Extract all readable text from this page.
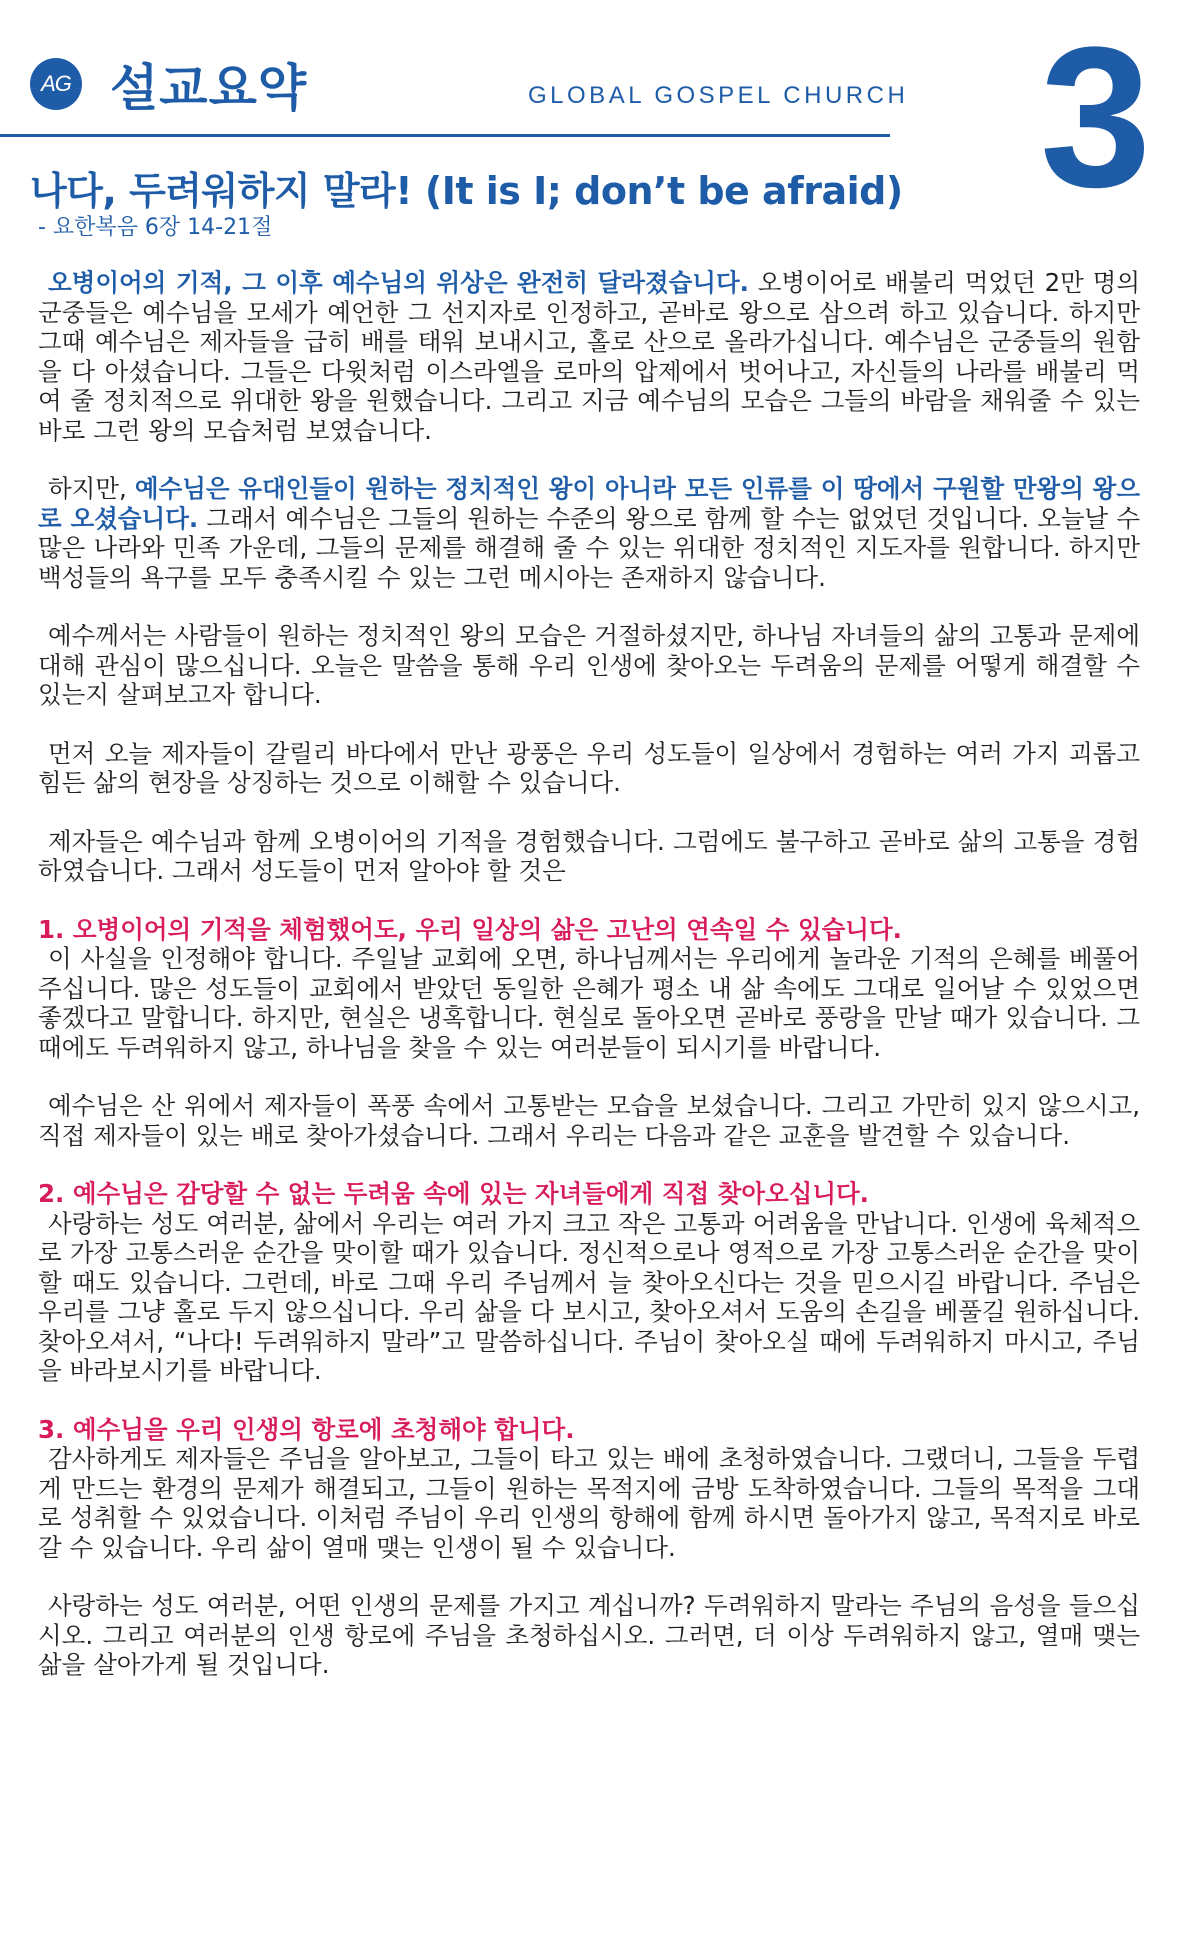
AG 설교요약	GLOBAL GOSPEL CHURCH 3
나다, 두려워하지 말라! (It is I; don’t be afraid)
- 요한복음 6장 14-21절

오병이어의 기적, 그 이후 예수님의 위상은 완전히 달라졌습니다. 오병이어로 배불리 먹었던 2만 명의 군중들은 예수님을 모세가 예언한 그 선지자로 인정하고, 곧바로 왕으로 삼으려 하고 있습니다. 하지만 그때 예수님은 제자들을 급히 배를 태워 보내시고, 홀로 산으로 올라가십니다. 예수님은 군중들의 원함을 다 아셨습니다. 그들은 다윗처럼 이스라엘을 로마의 압제에서 벗어나고, 자신들의 나라를 배불리 먹여 줄 정치적으로 위대한 왕을 원했습니다. 그리고 지금 예수님의 모습은 그들의 바람을 채워줄 수 있는 바로 그런 왕의 모습처럼 보였습니다.

하지만, 예수님은 유대인들이 원하는 정치적인 왕이 아니라 모든 인류를 이 땅에서 구원할 만왕의 왕으로 오셨습니다. 그래서 예수님은 그들의 원하는 수준의 왕으로 함께 할 수는 없었던 것입니다. 오늘날 수많은 나라와 민족 가운데, 그들의 문제를 해결해 줄 수 있는 위대한 정치적인 지도자를 원합니다. 하지만 백성들의 욕구를 모두 충족시킬 수 있는 그런 메시아는 존재하지 않습니다.

예수께서는 사람들이 원하는 정치적인 왕의 모습은 거절하셨지만, 하나님 자녀들의 삶의 고통과 문제에 대해 관심이 많으십니다. 오늘은 말씀을 통해 우리 인생에 찾아오는 두려움의 문제를 어떻게 해결할 수 있는지 살펴보고자 합니다.

먼저 오늘 제자들이 갈릴리 바다에서 만난 광풍은 우리 성도들이 일상에서 경험하는 여러 가지 괴롭고 힘든 삶의 현장을 상징하는 것으로 이해할 수 있습니다.

제자들은 예수님과 함께 오병이어의 기적을 경험했습니다. 그럼에도 불구하고 곧바로 삶의 고통을 경험하였습니다. 그래서 성도들이 먼저 알아야 할 것은

1. 오병이어의 기적을 체험했어도, 우리 일상의 삶은 고난의 연속일 수 있습니다.
이 사실을 인정해야 합니다. 주일날 교회에 오면, 하나님께서는 우리에게 놀라운 기적의 은혜를 베풀어 주십니다. 많은 성도들이 교회에서 받았던 동일한 은혜가 평소 내 삶 속에도 그대로 일어날 수 있었으면 좋겠다고 말합니다. 하지만, 현실은 냉혹합니다. 현실로 돌아오면 곧바로 풍랑을 만날 때가 있습니다. 그때에도 두려워하지 않고, 하나님을 찾을 수 있는 여러분들이 되시기를 바랍니다.

예수님은 산 위에서 제자들이 폭풍 속에서 고통받는 모습을 보셨습니다. 그리고 가만히 있지 않으시고, 직접 제자들이 있는 배로 찾아가셨습니다. 그래서 우리는 다음과 같은 교훈을 발견할 수 있습니다.

2. 예수님은 감당할 수 없는 두려움 속에 있는 자녀들에게 직접 찾아오십니다.
사랑하는 성도 여러분, 삶에서 우리는 여러 가지 크고 작은 고통과 어려움을 만납니다. 인생에 육체적으로 가장 고통스러운 순간을 맞이할 때가 있습니다. 정신적으로나 영적으로 가장 고통스러운 순간을 맞이할 때도 있습니다. 그런데, 바로 그때 우리 주님께서 늘 찾아오신다는 것을 믿으시길 바랍니다. 주님은 우리를 그냥 홀로 두지 않으십니다. 우리 삶을 다 보시고, 찾아오셔서 도움의 손길을 베풀길 원하십니다. 찾아오셔서, “나다! 두려워하지 말라”고 말씀하십니다. 주님이 찾아오실 때에 두려워하지 마시고, 주님을 바라보시기를 바랍니다.

3. 예수님을 우리 인생의 항로에 초청해야 합니다.
감사하게도 제자들은 주님을 알아보고, 그들이 타고 있는 배에 초청하였습니다. 그랬더니, 그들을 두렵게 만드는 환경의 문제가 해결되고, 그들이 원하는 목적지에 금방 도착하였습니다. 그들의 목적을 그대로 성취할 수 있었습니다. 이처럼 주님이 우리 인생의 항해에 함께 하시면 돌아가지 않고, 목적지로 바로 갈 수 있습니다. 우리 삶이 열매 맺는 인생이 될 수 있습니다.

사랑하는 성도 여러분, 어떤 인생의 문제를 가지고 계십니까? 두려워하지 말라는 주님의 음성을 들으십시오. 그리고 여러분의 인생 항로에 주님을 초청하십시오. 그러면, 더 이상 두려워하지 않고, 열매 맺는 삶을 살아가게 될 것입니다.
